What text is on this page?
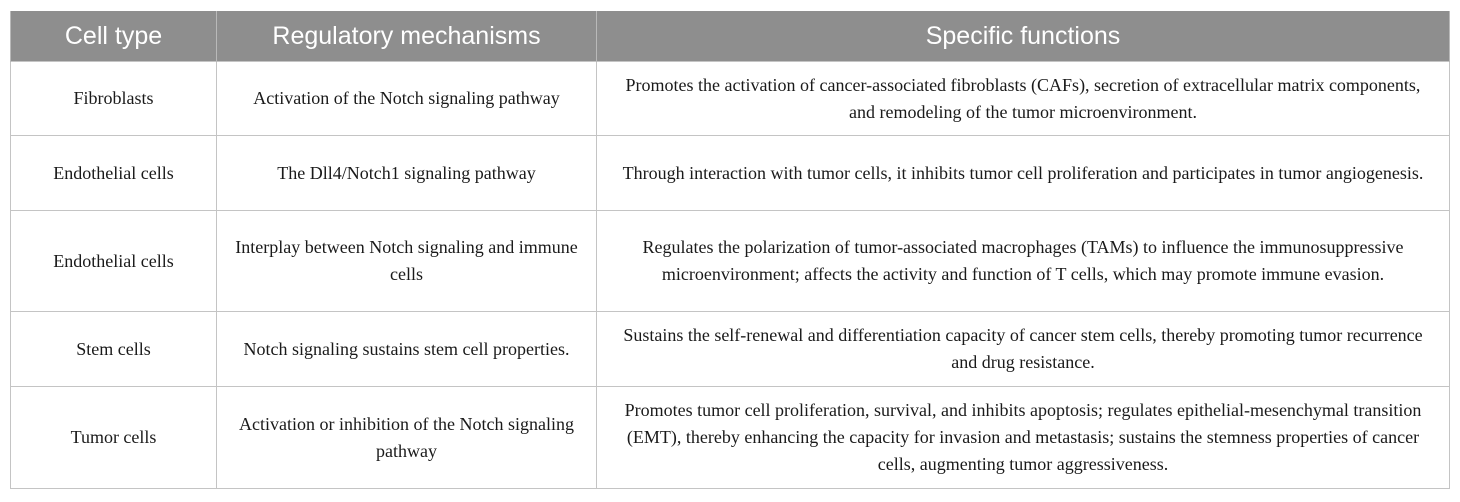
Cell type	Regulatory mechanisms	Specific functions
Fibroblasts	Activation of the Notch signaling pathway	Promotes the activation of cancer-associated fibroblasts (CAFs), secretion of extracellular matrix components, and remodeling of the tumor microenvironment.
Endothelial cells	The Dll4/Notch1 signaling pathway	Through interaction with tumor cells, it inhibits tumor cell proliferation and participates in tumor angiogenesis.
Endothelial cells	Interplay between Notch signaling and immune cells	Regulates the polarization of tumor-associated macrophages (TAMs) to influence the immunosuppressive microenvironment; affects the activity and function of T cells, which may promote immune evasion.
Stem cells	Notch signaling sustains stem cell properties.	Sustains the self-renewal and differentiation capacity of cancer stem cells, thereby promoting tumor recurrence and drug resistance.
Tumor cells	Activation or inhibition of the Notch signaling pathway	Promotes tumor cell proliferation, survival, and inhibits apoptosis; regulates epithelial-mesenchymal transition (EMT), thereby enhancing the capacity for invasion and metastasis; sustains the stemness properties of cancer cells, augmenting tumor aggressiveness.
